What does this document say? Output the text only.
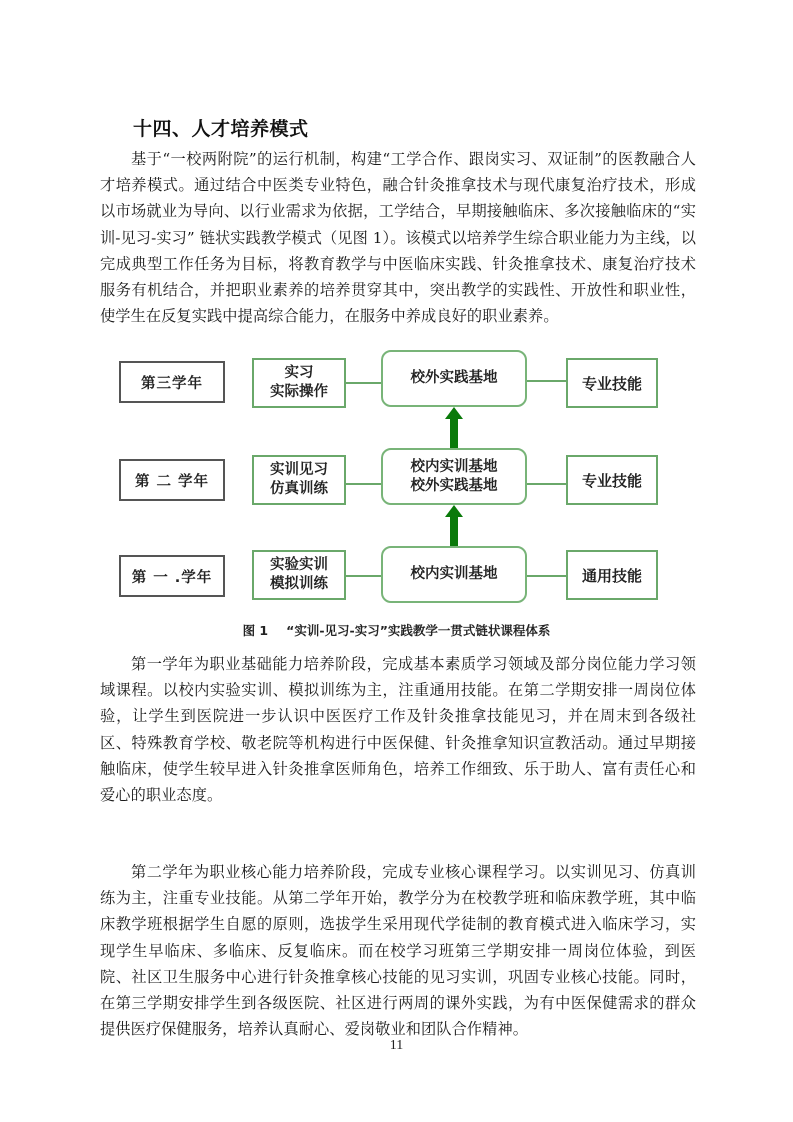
十四、人才培养模式
基于“一校两附院”的运行机制，构建“工学合作、跟岗实习、双证制”的医教融合人才培养模式。通过结合中医类专业特色，融合针灸推拿技术与现代康复治疗技术，形成以市场就业为导向、以行业需求为依据，工学结合，早期接触临床、多次接触临床的“实训-见习-实习” 链状实践教学模式（见图 1）。该模式以培养学生综合职业能力为主线，以完成典型工作任务为目标，将教育教学与中医临床实践、针灸推拿技术、康复治疗技术服务有机结合，并把职业素养的培养贯穿其中，突出教学的实践性、开放性和职业性，使学生在反复实践中提高综合能力，在服务中养成良好的职业素养。
第三学年
实习
实际操作
校外实践基地	专业技能
第 二 学年
实训见习
仿真训练
校内实训基地
校外实践基地	专业技能
第 一 .学年
实验实训
模拟训练
校内实训基地	通用技能
图 1 “实训-见习-实习”实践教学一贯式链状课程体系
第一学年为职业基础能力培养阶段，完成基本素质学习领域及部分岗位能力学习领域课程。以校内实验实训、模拟训练为主，注重通用技能。在第二学期安排一周岗位体验，让学生到医院进一步认识中医医疗工作及针灸推拿技能见习，并在周末到各级社区、特殊教育学校、敬老院等机构进行中医保健、针灸推拿知识宣教活动。通过早期接触临床，使学生较早进入针灸推拿医师角色，培养工作细致、乐于助人、富有责任心和爱心的职业态度。
第二学年为职业核心能力培养阶段，完成专业核心课程学习。以实训见习、仿真训练为主，注重专业技能。从第二学年开始，教学分为在校教学班和临床教学班，其中临床教学班根据学生自愿的原则，选拔学生采用现代学徒制的教育模式进入临床学习，实现学生早临床、多临床、反复临床。而在校学习班第三学期安排一周岗位体验，到医院、社区卫生服务中心进行针灸推拿核心技能的见习实训，巩固专业核心技能。同时，在第三学期安排学生到各级医院、社区进行两周的课外实践，为有中医保健需求的群众提供医疗保健服务，培养认真耐心、爱岗敬业和团队合作精神。
11
